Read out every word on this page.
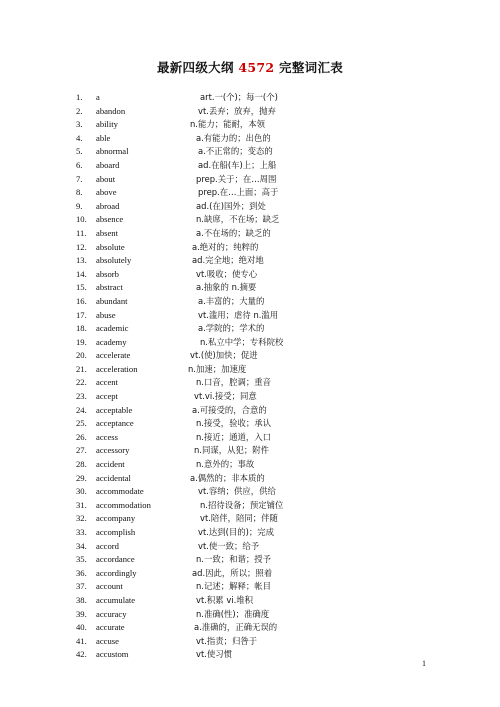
最新四级大纲 4572 完整词汇表
1.	a	art.一(个)；每一(个)
2.	abandon	vt.丢弃；放弃，抛弃
3.	ability	n.能力；能耐，本领
4.	able	a.有能力的；出色的
5.	abnormal	a.不正常的；变态的
6.	aboard	ad.在船(车)上；上船
7.	about	prep.关于；在…周围
8.	above	prep.在…上面；高于
9.	abroad	ad.(在)国外；到处
10.	absence	n.缺席，不在场；缺乏
11.	absent	a.不在场的；缺乏的
12.	absolute	a.绝对的；纯粹的
13.	absolutely	ad.完全地；绝对地
14.	absorb	vt.吸收；使专心
15.	abstract	a.抽象的 n.摘要
16.	abundant	a.丰富的；大量的
17.	abuse	vt.滥用；虐待 n.滥用
18.	academic	a.学院的；学术的
19.	academy	n.私立中学；专科院校
20.	accelerate	vt.(使)加快；促进
21.	acceleration	n.加速；加速度
22.	accent	n.口音，腔调；重音
23.	accept	vt.vi.接受；同意
24.	acceptable	a.可接受的，合意的
25.	acceptance	n.接受，验收；承认
26.	access	n.接近；通道，入口
27.	accessory	n.同谋，从犯；附件
28.	accident	n.意外的；事故
29.	accidental	a.偶然的；非本质的
30.	accommodate	vt.容纳；供应，供给
31.	accommodation	n.招待设备；预定铺位
32.	accompany	vt.陪伴，陪同；伴随
33.	accomplish	vt.达到(目的)；完成
34.	accord	vt.使一致；给予
35.	accordance	n.一致；和谐；授予
36.	accordingly	ad.因此，所以；照着
37.	account	n.记述；解释；帐目
38.	accumulate	vt.积累 vi.堆积
39.	accuracy	n.准确(性)；准确度
40.	accurate	a.准确的，正确无误的
41.	accuse	vt.指责；归咎于
42.	accustom	vt.使习惯
1
